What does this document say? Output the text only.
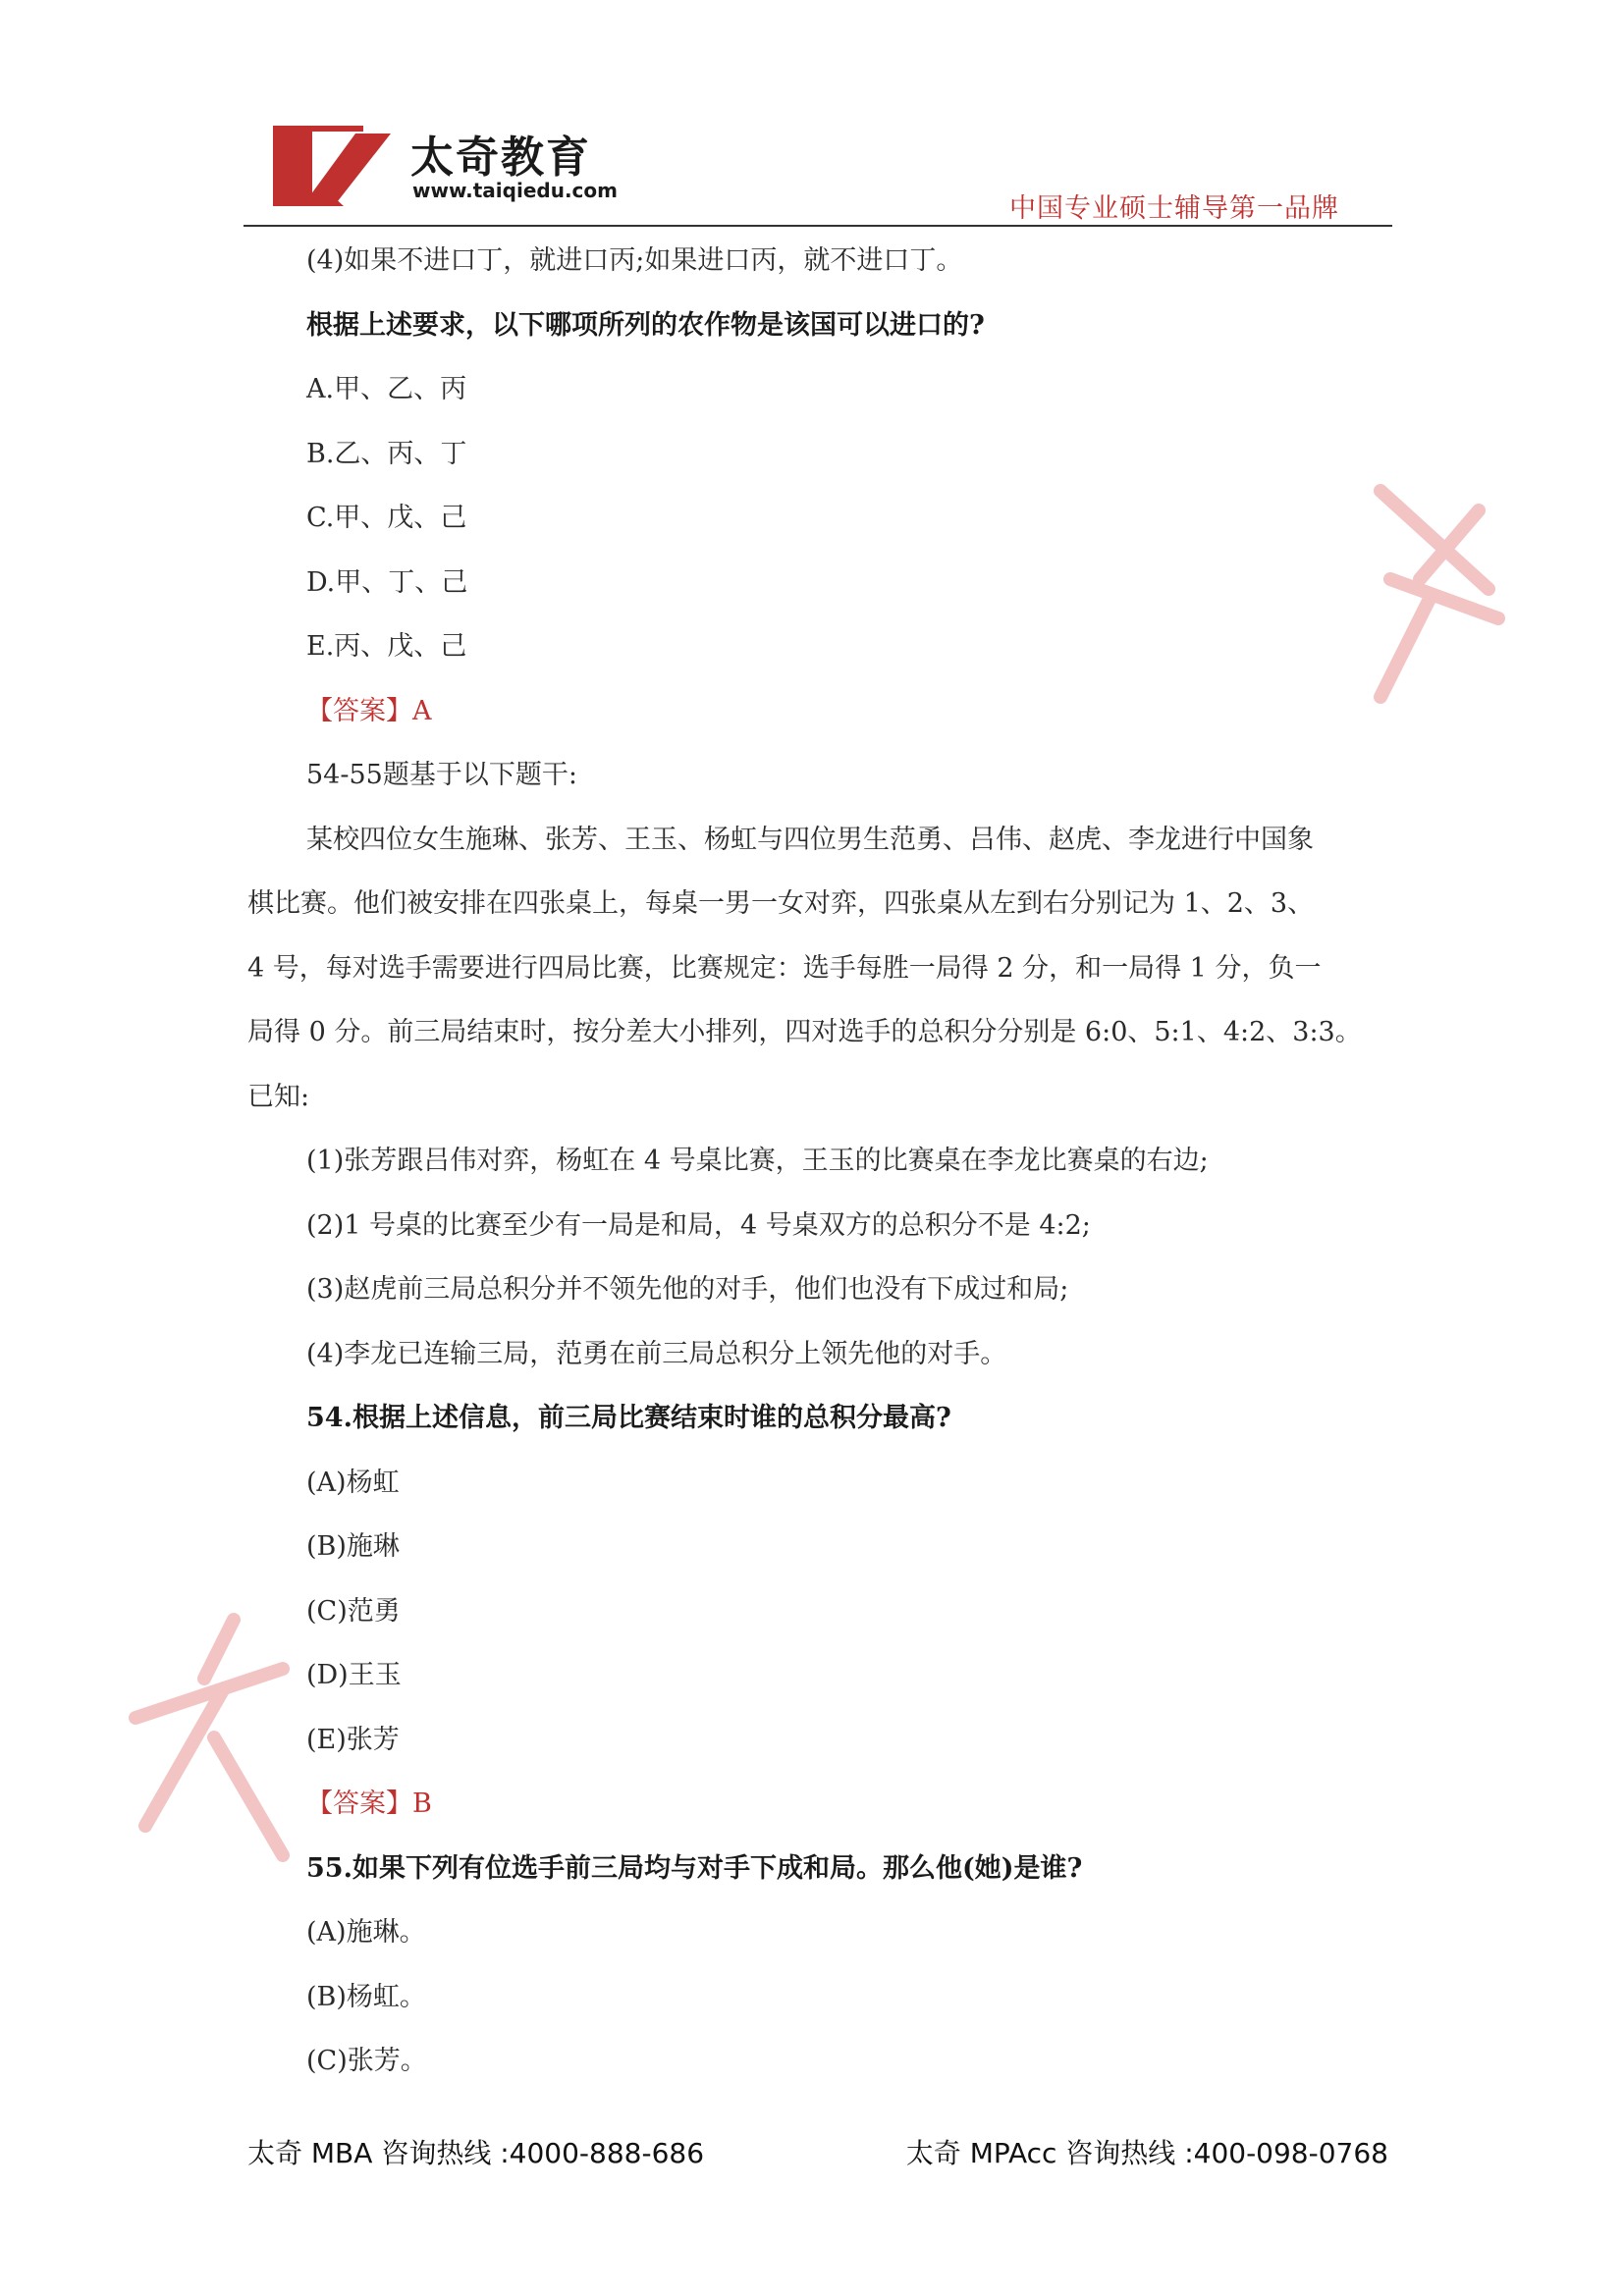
太奇教育
www.taiqiedu.com
中国专业硕士辅导第一品牌
(4)如果不进口丁，就进口丙;如果进口丙，就不进口丁。
根据上述要求，以下哪项所列的农作物是该国可以进口的?
A.甲、乙、丙
B.乙、丙、丁
C.甲、戊、己
D.甲、丁、己
E.丙、戊、己
【答案】A
54-55题基于以下题干:
某校四位女生施琳、张芳、王玉、杨虹与四位男生范勇、吕伟、赵虎、李龙进行中国象
棋比赛。他们被安排在四张桌上，每桌一男一女对弈，四张桌从左到右分别记为 1、2、3、
4 号，每对选手需要进行四局比赛，比赛规定：选手每胜一局得 2 分，和一局得 1 分，负一
局得 0 分。前三局结束时，按分差大小排列，四对选手的总积分分别是 6:0、5:1、4:2、3:3。
已知:
(1)张芳跟吕伟对弈，杨虹在 4 号桌比赛，王玉的比赛桌在李龙比赛桌的右边;
(2)1 号桌的比赛至少有一局是和局，4 号桌双方的总积分不是 4:2;
(3)赵虎前三局总积分并不领先他的对手，他们也没有下成过和局;
(4)李龙已连输三局，范勇在前三局总积分上领先他的对手。
54.根据上述信息，前三局比赛结束时谁的总积分最高?
(A)杨虹
(B)施琳
(C)范勇
(D)王玉
(E)张芳
【答案】B
55.如果下列有位选手前三局均与对手下成和局。那么他(她)是谁?
(A)施琳。
(B)杨虹。
(C)张芳。
太奇 MBA 咨询热线 :4000-888-686	太奇 MPAcc 咨询热线 :400-098-0768
